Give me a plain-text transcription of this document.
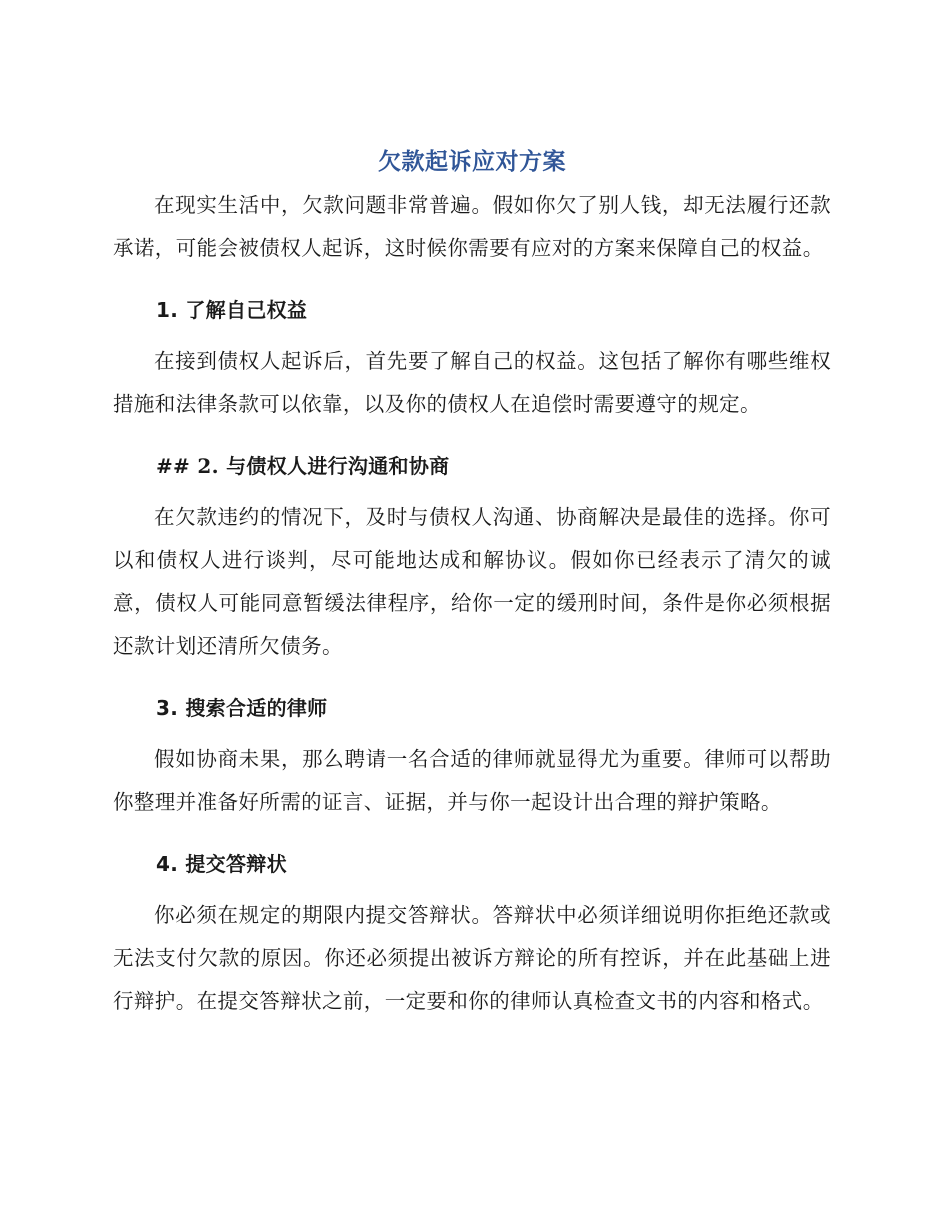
欠款起诉应对方案

在现实生活中，欠款问题非常普遍。假如你欠了别人钱，却无法履行还款承诺，可能会被债权人起诉，这时候你需要有应对的方案来保障自己的权益。

1. 了解自己权益

在接到债权人起诉后，首先要了解自己的权益。这包括了解你有哪些维权措施和法律条款可以依靠，以及你的债权人在追偿时需要遵守的规定。

## 2. 与债权人进行沟通和协商

在欠款违约的情况下，及时与债权人沟通、协商解决是最佳的选择。你可以和债权人进行谈判，尽可能地达成和解协议。假如你已经表示了清欠的诚意，债权人可能同意暂缓法律程序，给你一定的缓刑时间，条件是你必须根据还款计划还清所欠债务。

3. 搜索合适的律师

假如协商未果，那么聘请一名合适的律师就显得尤为重要。律师可以帮助你整理并准备好所需的证言、证据，并与你一起设计出合理的辩护策略。

4. 提交答辩状

你必须在规定的期限内提交答辩状。答辩状中必须详细说明你拒绝还款或无法支付欠款的原因。你还必须提出被诉方辩论的所有控诉，并在此基础上进行辩护。在提交答辩状之前，一定要和你的律师认真检查文书的内容和格式。
